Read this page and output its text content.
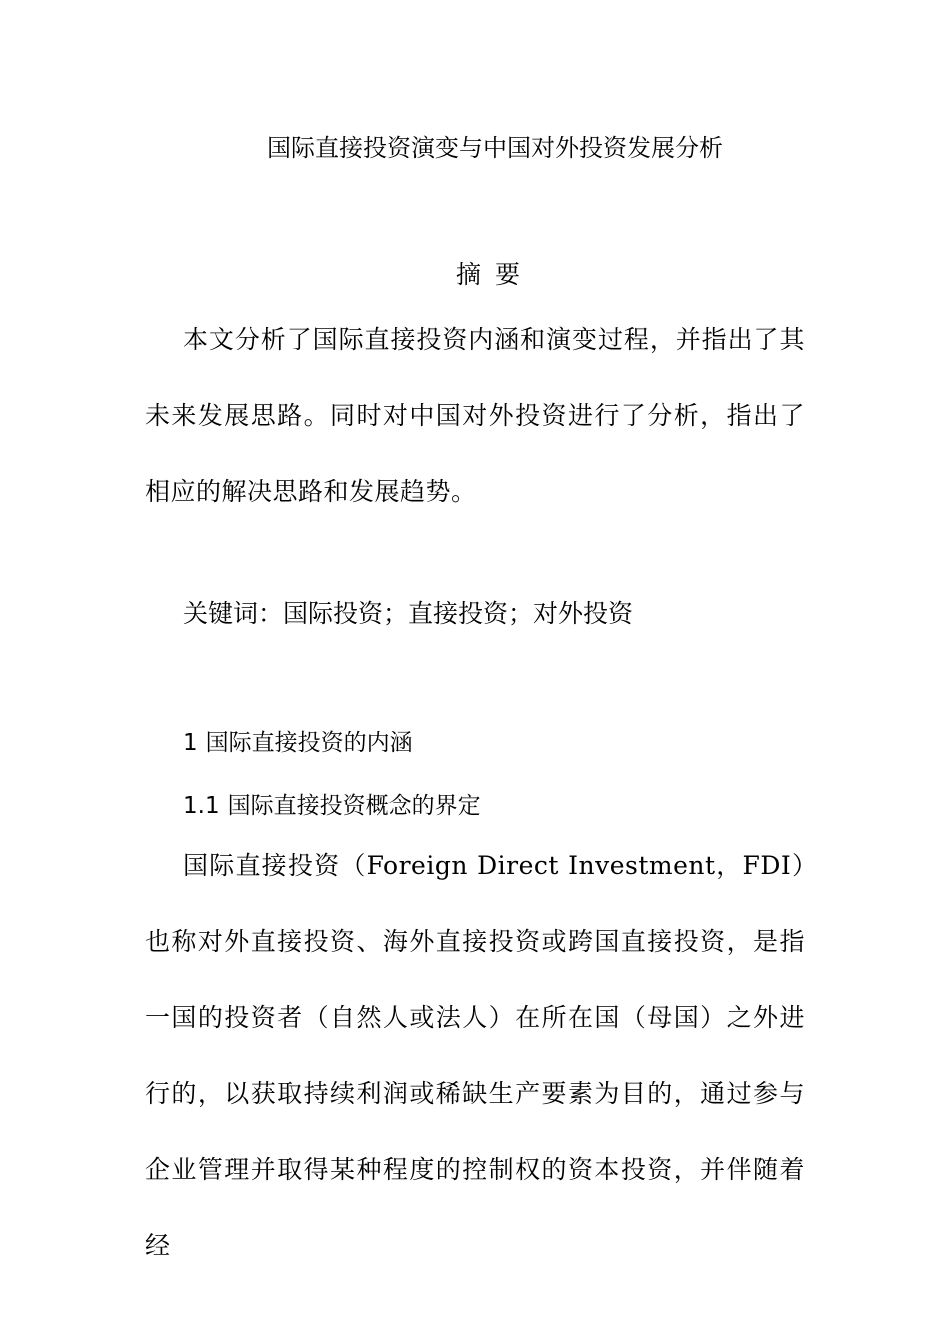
国际直接投资演变与中国对外投资发展分析
摘要

本文分析了国际直接投资内涵和演变过程，并指出了其未来发展思路。同时对中国对外投资进行了分析，指出了相应的解决思路和发展趋势。

关键词：国际投资；直接投资；对外投资
1 国际直接投资的内涵
1.1 国际直接投资概念的界定

国际直接投资（Foreign Direct Investment，FDI）也称对外直接投资、海外直接投资或跨国直接投资，是指一国的投资者（自然人或法人）在所在国（母国）之外进行的，以获取持续利润或稀缺生产要素为目的，通过参与企业管理并取得某种程度的控制权的资本投资，并伴随着经
